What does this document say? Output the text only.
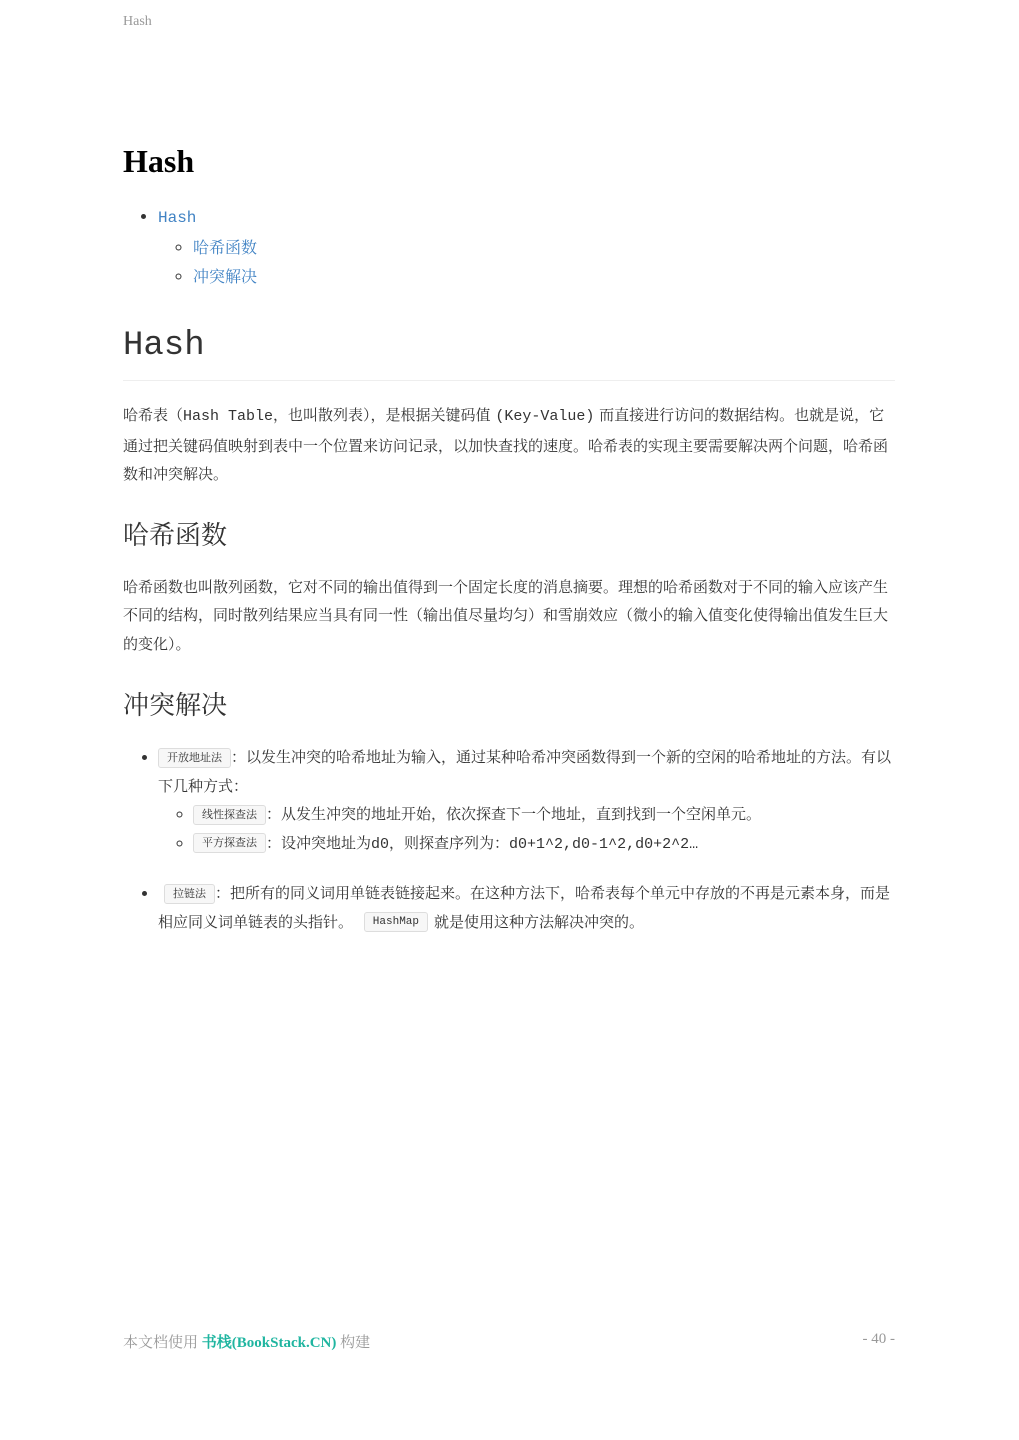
Hash
Hash
• Hash
◦ 哈希函数
◦ 冲突解决
Hash

哈希表（Hash Table，也叫散列表），是根据关键码值 (Key-Value) 而直接进行访问的数据结构。也就是说，它通过把关键码值映射到表中一个位置来访问记录，以加快查找的速度。哈希表的实现主要需要解决两个问题，哈希函数和冲突解决。

哈希函数

哈希函数也叫散列函数，它对不同的输出值得到一个固定长度的消息摘要。理想的哈希函数对于不同的输入应该产生不同的结构，同时散列结果应当具有同一性（输出值尽量均匀）和雪崩效应（微小的输入值变化使得输出值发生巨大的变化）。

冲突解决
• 开放地址法 ：以发生冲突的哈希地址为输入，通过某种哈希冲突函数得到一个新的空闲的哈希地址的方法。有以下几种方式：
◦ 线性探查法 ：从发生冲突的地址开始，依次探查下一个地址，直到找到一个空闲单元。
◦ 平方探查法 ：设冲突地址为d0，则探查序列为：d0+1^2,d0-1^2,d0+2^2…
• 拉链法 ：把所有的同义词用单链表链接起来。在这种方法下，哈希表每个单元中存放的不再是元素本身，而是相应同义词单链表的头指针。 HashMap 就是使用这种方法解决冲突的。
本文档使用 书栈(BookStack.CN) 构建	- 40 -
